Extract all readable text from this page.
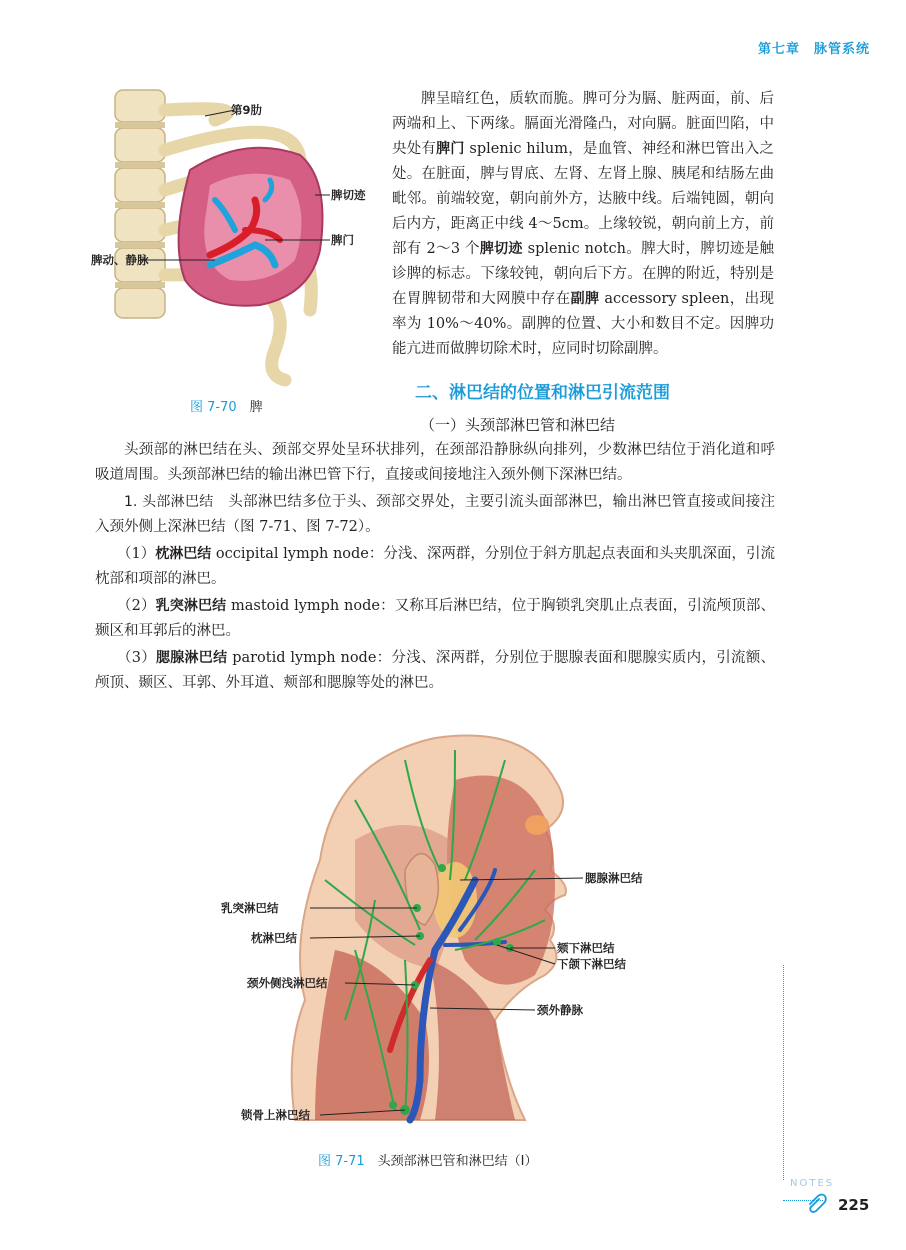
第七章　脉管系统
第9肋
脾切迹
脾门
脾动、静脉
图 7-70　 脾
脾呈暗红色，质软而脆。脾可分为膈、脏两面，前、后两端和上、下两缘。膈面光滑隆凸，对向膈。脏面凹陷，中央处有脾门 splenic hilum，是血管、神经和淋巴管出入之处。在脏面，脾与胃底、左肾、左肾上腺、胰尾和结肠左曲毗邻。前端较宽，朝向前外方，达腋中线。后端钝圆，朝向后内方，距离正中线 4～5cm。上缘较锐，朝向前上方，前部有 2～3 个脾切迹 splenic notch。脾大时，脾切迹是触诊脾的标志。下缘较钝，朝向后下方。在脾的附近，特别是在胃脾韧带和大网膜中存在副脾 accessory spleen，出现率为 10%～40%。副脾的位置、大小和数目不定。因脾功能亢进而做脾切除术时，应同时切除副脾。
二、淋巴结的位置和淋巴引流范围
（一）头颈部淋巴管和淋巴结

头颈部的淋巴结在头、颈部交界处呈环状排列，在颈部沿静脉纵向排列，少数淋巴结位于消化道和呼吸道周围。头颈部淋巴结的输出淋巴管下行，直接或间接地注入颈外侧下深淋巴结。

1. 头部淋巴结　头部淋巴结多位于头、颈部交界处，主要引流头面部淋巴，输出淋巴管直接或间接注入颈外侧上深淋巴结（图 7-71、图 7-72）。

（1）枕淋巴结 occipital lymph node：分浅、深两群，分别位于斜方肌起点表面和头夹肌深面，引流枕部和项部的淋巴。

（2）乳突淋巴结 mastoid lymph node：又称耳后淋巴结，位于胸锁乳突肌止点表面，引流颅顶部、颞区和耳郭后的淋巴。

（3）腮腺淋巴结 parotid lymph node：分浅、深两群，分别位于腮腺表面和腮腺实质内，引流额、颅顶、颞区、耳郭、外耳道、颊部和腮腺等处的淋巴。

腮腺淋巴结
乳突淋巴结
枕淋巴结
颏下淋巴结
下颌下淋巴结
颈外侧浅淋巴结
颈外静脉
锁骨上淋巴结
图 7-71　 头颈部淋巴管和淋巴结（Ⅰ）
NOTES
225
